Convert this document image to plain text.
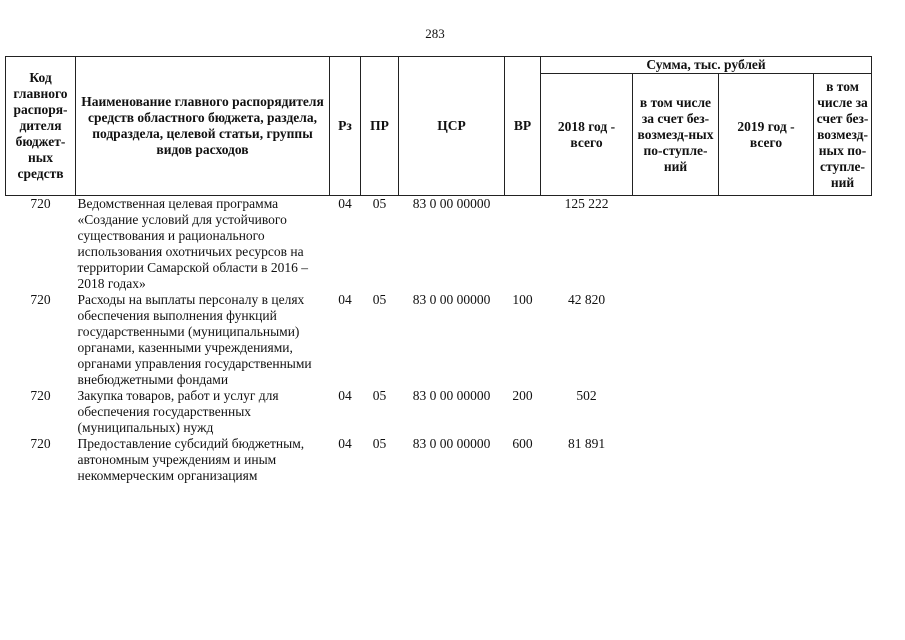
283
Код главного распоря-дителя бюджет-ных средств	Наименование главного распорядителя средств областного бюджета, раздела, подраздела, целевой статьи, группы видов расходов	Рз	ПР	ЦСР	ВР	Сумма, тыс. рублей			
						2018 год - всего	в том числе за счет без-возмезд-ных по-ступле-ний	2019 год - всего	в том числе за счет без-возмезд-ных по-ступле-ний
720	Ведомственная целевая программа «Создание условий для устойчивого существования и рационального использования охотничьих ресурсов на территории Самарской области в 2016 – 2018 годах»	04	05	83 0 00 00000		125 222			
720	Расходы на выплаты персоналу в целях обеспечения выполнения функций государственными (муниципальными) органами, казенными учреждениями, органами управления государственными внебюджетными фондами	04	05	83 0 00 00000	100	42 820			
720	Закупка товаров, работ и услуг для обеспечения государственных (муниципальных) нужд	04	05	83 0 00 00000	200	502			
720	Предоставление субсидий бюджетным, автономным учреждениям и иным некоммерческим организациям	04	05	83 0 00 00000	600	81 891			
